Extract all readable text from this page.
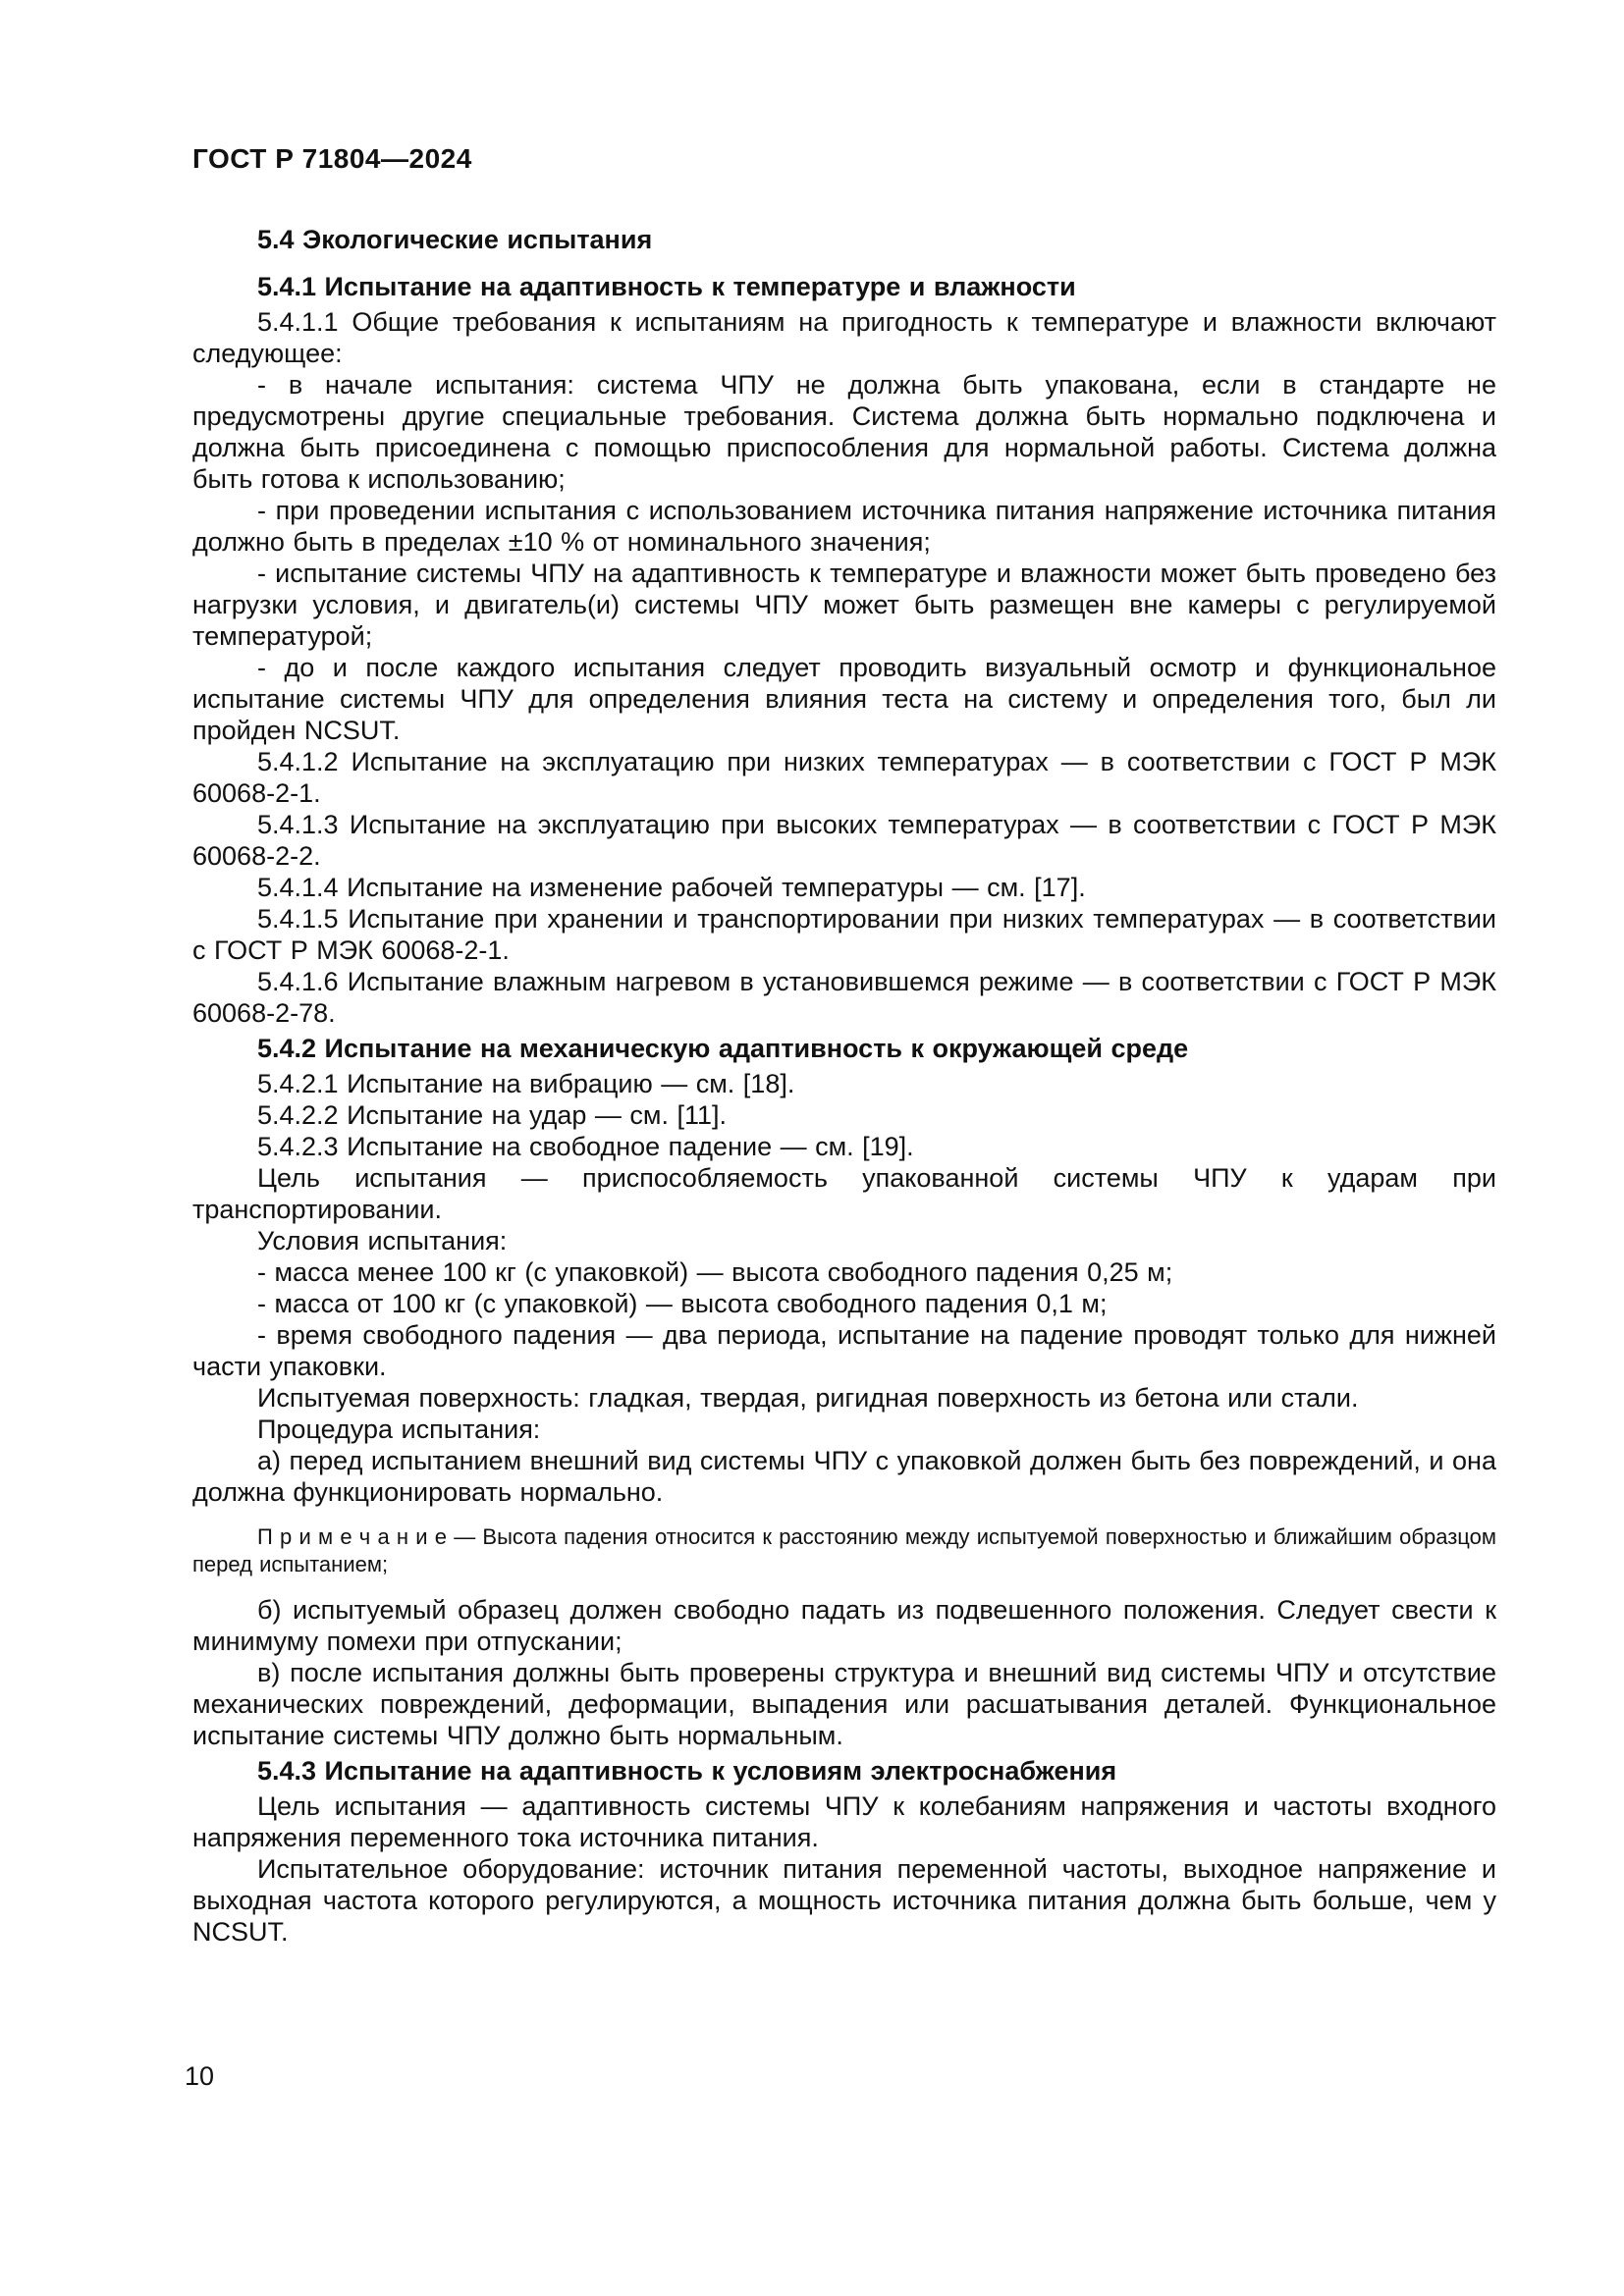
ГОСТ Р 71804—2024

5.4 Экологические испытания

5.4.1 Испытание на адаптивность к температуре и влажности

5.4.1.1 Общие требования к испытаниям на пригодность к температуре и влажности включают следующее:

- в начале испытания: система ЧПУ не должна быть упакована, если в стандарте не предусмотрены другие специальные требования. Система должна быть нормально подключена и должна быть присоединена с помощью приспособления для нормальной работы. Система должна быть готова к использованию;

- при проведении испытания с использованием источника питания напряжение источника питания должно быть в пределах ±10 % от номинального значения;

- испытание системы ЧПУ на адаптивность к температуре и влажности может быть проведено без нагрузки условия, и двигатель(и) системы ЧПУ может быть размещен вне камеры с регулируемой температурой;

- до и после каждого испытания следует проводить визуальный осмотр и функциональное испытание системы ЧПУ для определения влияния теста на систему и определения того, был ли пройден NCSUT.

5.4.1.2 Испытание на эксплуатацию при низких температурах — в соответствии с ГОСТ Р МЭК 60068-2-1.

5.4.1.3 Испытание на эксплуатацию при высоких температурах — в соответствии с ГОСТ Р МЭК 60068-2-2.

5.4.1.4 Испытание на изменение рабочей температуры — см. [17].

5.4.1.5 Испытание при хранении и транспортировании при низких температурах — в соответствии с ГОСТ Р МЭК 60068-2-1.

5.4.1.6 Испытание влажным нагревом в установившемся режиме — в соответствии с ГОСТ Р МЭК 60068-2-78.

5.4.2 Испытание на механическую адаптивность к окружающей среде

5.4.2.1 Испытание на вибрацию — см. [18].

5.4.2.2 Испытание на удар — см. [11].

5.4.2.3 Испытание на свободное падение — см. [19].

Цель испытания — приспособляемость упакованной системы ЧПУ к ударам при транспортировании.

Условия испытания:

- масса менее 100 кг (с упаковкой) — высота свободного падения 0,25 м;

- масса от 100 кг (с упаковкой) — высота свободного падения 0,1 м;

- время свободного падения — два периода, испытание на падение проводят только для нижней части упаковки.

Испытуемая поверхность: гладкая, твердая, ригидная поверхность из бетона или стали.

Процедура испытания:

а) перед испытанием внешний вид системы ЧПУ с упаковкой должен быть без повреждений, и она должна функционировать нормально.

П р и м е ч а н и е — Высота падения относится к расстоянию между испытуемой поверхностью и ближайшим образцом перед испытанием;

б) испытуемый образец должен свободно падать из подвешенного положения. Следует свести к минимуму помехи при отпускании;

в) после испытания должны быть проверены структура и внешний вид системы ЧПУ и отсутствие механических повреждений, деформации, выпадения или расшатывания деталей. Функциональное испытание системы ЧПУ должно быть нормальным.

5.4.3 Испытание на адаптивность к условиям электроснабжения

Цель испытания — адаптивность системы ЧПУ к колебаниям напряжения и частоты входного напряжения переменного тока источника питания.

Испытательное оборудование: источник питания переменной частоты, выходное напряжение и выходная частота которого регулируются, а мощность источника питания должна быть больше, чем у NCSUT.

10
